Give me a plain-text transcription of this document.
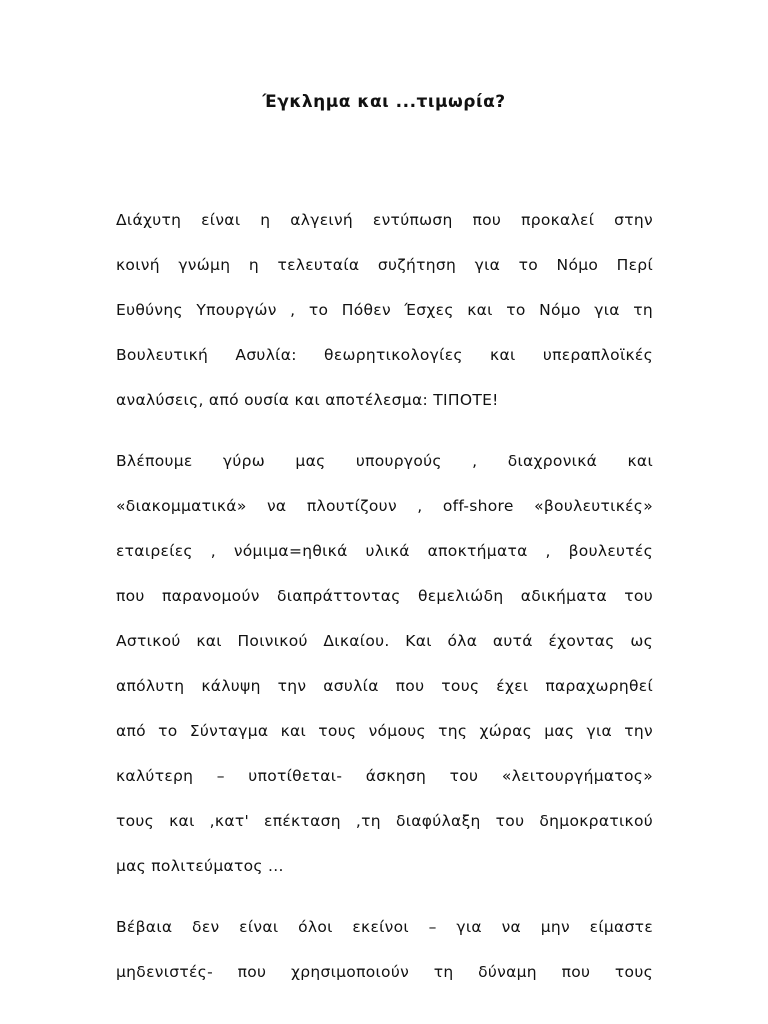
Έγκλημα και ...τιμωρία?
Διάχυτη είναι η αλγεινή εντύπωση που προκαλεί στην
κοινή γνώμη η τελευταία συζήτηση για το Νόμο Περί
Ευθύνης Υπουργών , το Πόθεν Έσχες και το Νόμο για τη
Βουλευτική Ασυλία: θεωρητικολογίες και υπεραπλοϊκές
αναλύσεις, από ουσία και αποτέλεσμα: ΤΙΠΟΤΕ!
Βλέπουμε γύρω μας υπουργούς , διαχρονικά και
«διακομματικά» να πλουτίζουν , off-shore «βουλευτικές»
εταιρείες , νόμιμα=ηθικά υλικά αποκτήματα , βουλευτές
που παρανομούν διαπράττοντας θεμελιώδη αδικήματα του
Αστικού και Ποινικού Δικαίου. Και όλα αυτά έχοντας ως
απόλυτη κάλυψη την ασυλία που τους έχει παραχωρηθεί
από το Σύνταγμα και τους νόμους της χώρας μας για την
καλύτερη – υποτίθεται- άσκηση του «λειτουργήματος»
τους και ,κατ' επέκταση ,τη διαφύλαξη του δημοκρατικού
μας πολιτεύματος ...
Βέβαια δεν είναι όλοι εκείνοι – για να μην είμαστε
μηδενιστές- που χρησιμοποιούν τη δύναμη που τους
